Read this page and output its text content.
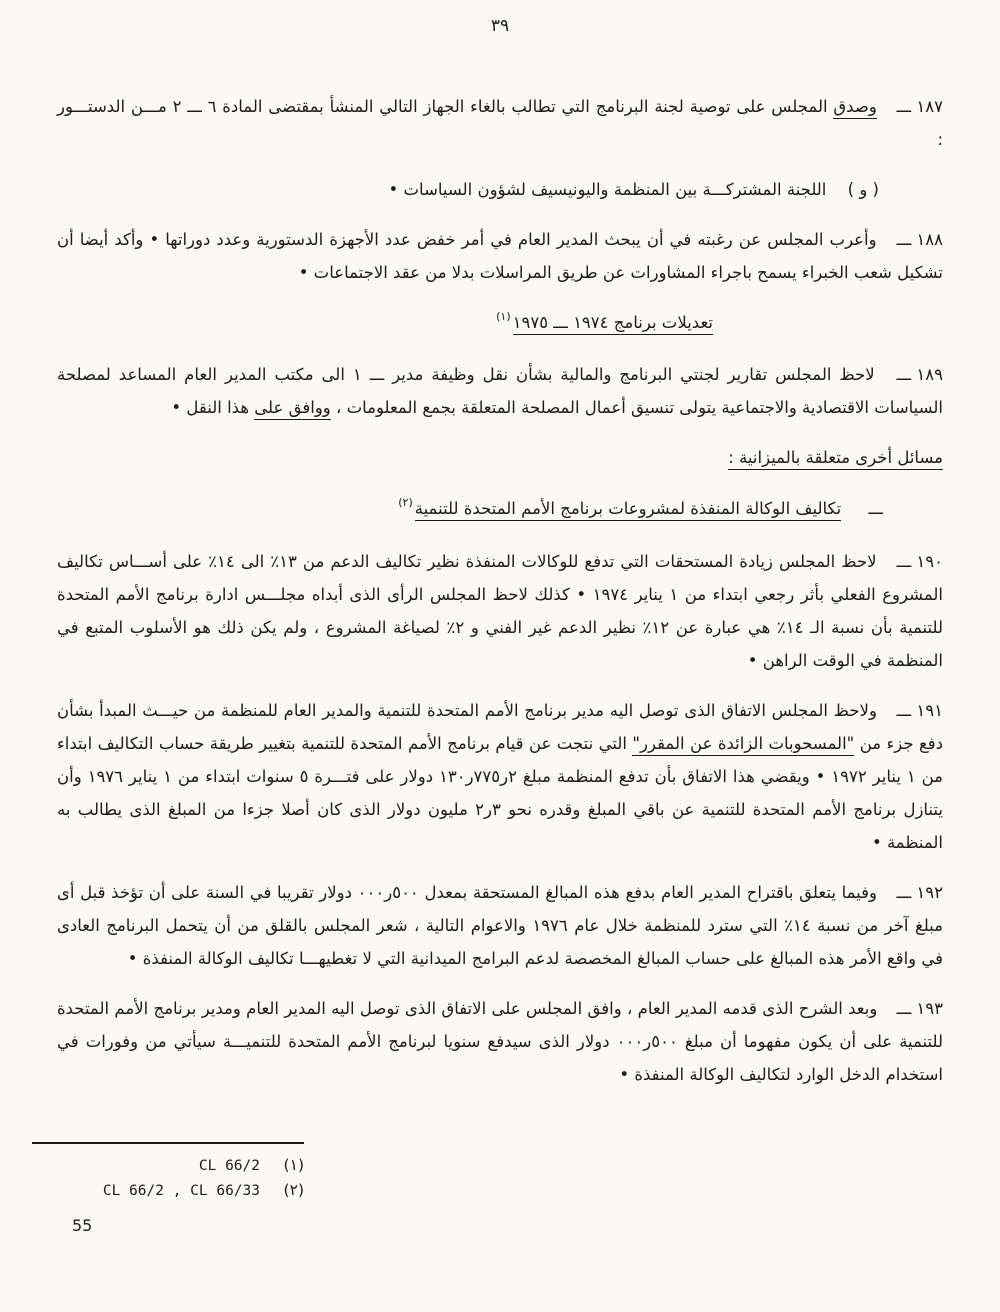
٣٩

١٨٧ ـــ وصدق المجلس على توصية لجنة البرنامج التي تطالب بالغاء الجهاز التالي المنشأ بمقتضى المادة ٦ ـــ ٢ مـــن الدستـــور :

( و ) اللجنة المشتركـــة بين المنظمة واليونيسيف لشؤون السياسات •

١٨٨ ـــ وأعرب المجلس عن رغبته في أن يبحث المدير العام في أمر خفض عدد الأجهزة الدستورية وعدد دوراتها • وأكد أيضا أن تشكيل شعب الخبراء يسمح باجراء المشاورات عن طريق المراسلات بدلا من عقد الاجتماعات •

تعديلات برنامج ١٩٧٤ ـــ ١٩٧٥$^{(١)}$

١٨٩ ـــ لاحظ المجلس تقارير لجنتي البرنامج والمالية بشأن نقل وظيفة مدير ـــ ١ الى مكتب المدير العام المساعد لمصلحة السياسات الاقتصادية والاجتماعية يتولى تنسيق أعمال المصلحة المتعلقة بجمع المعلومات ، ووافق على هذا النقل •

مسائل أخرى متعلقة بالميزانية :

ـــ تكاليف الوكالة المنفذة لمشروعات برنامج الأمم المتحدة للتنمية$^{(٢)}$

١٩٠ ـــ لاحظ المجلس زيادة المستحقات التي تدفع للوكالات المنفذة نظير تكاليف الدعم من ١٣٪ الى ١٤٪ على أســـاس تكاليف المشروع الفعلي بأثر رجعي ابتداء من ١ يناير ١٩٧٤ • كذلك لاحظ المجلس الرأى الذى أبداه مجلـــس ادارة برنامج الأمم المتحدة للتنمية بأن نسبة الـ ١٤٪ هي عبارة عن ١٢٪ نظير الدعم غير الفني و ٢٪ لصياغة المشروع ، ولم يكن ذلك هو الأسلوب المتبع في المنظمة في الوقت الراهن •

١٩١ ـــ ولاحظ المجلس الاتفاق الذى توصل اليه مدير برنامج الأمم المتحدة للتنمية والمدير العام للمنظمة من حيـــث المبدأ بشأن دفع جزء من "المسحوبات الزائدة عن المقرر" التي نتجت عن قيام برنامج الأمم المتحدة للتنمية بتغيير طريقة حساب التكاليف ابتداء من ١ يناير ١٩٧٢ • ويقضي هذا الاتفاق بأن تدفع المنظمة مبلغ ٢ر٧٧٥ر١٣٠ دولار على فتـــرة ٥ سنوات ابتداء من ١ يناير ١٩٧٦ وأن يتنازل برنامج الأمم المتحدة للتنمية عن باقي المبلغ وقدره نحو ٣ر٢ مليون دولار الذى كان أصلا جزءا من المبلغ الذى يطالب به المنظمة •

١٩٢ ـــ وفيما يتعلق باقتراح المدير العام بدفع هذه المبالغ المستحقة بمعدل ٥٠٠ر٠٠٠ دولار تقريبا في السنة على أن تؤخذ قبل أى مبلغ آخر من نسبة ١٤٪ التي سترد للمنظمة خلال عام ١٩٧٦ والاعوام التالية ، شعر المجلس بالقلق من أن يتحمل البرنامج العادى في واقع الأمر هذه المبالغ على حساب المبالغ المخصصة لدعم البرامج الميدانية التي لا تغطيهـــا تكاليف الوكالة المنفذة •

١٩٣ ـــ وبعد الشرح الذى قدمه المدير العام ، وافق المجلس على الاتفاق الذى توصل اليه المدير العام ومدير برنامج الأمم المتحدة للتنمية على أن يكون مفهوما أن مبلغ ٥٠٠ر٠٠٠ دولار الذى سيدفع سنويا لبرنامج الأمم المتحدة للتنميـــة سيأتي من وفورات في استخدام الدخل الوارد لتكاليف الوكالة المنفذة •

(١)
CL 66/2
(٢)
CL 66/2 , CL 66/33
55
